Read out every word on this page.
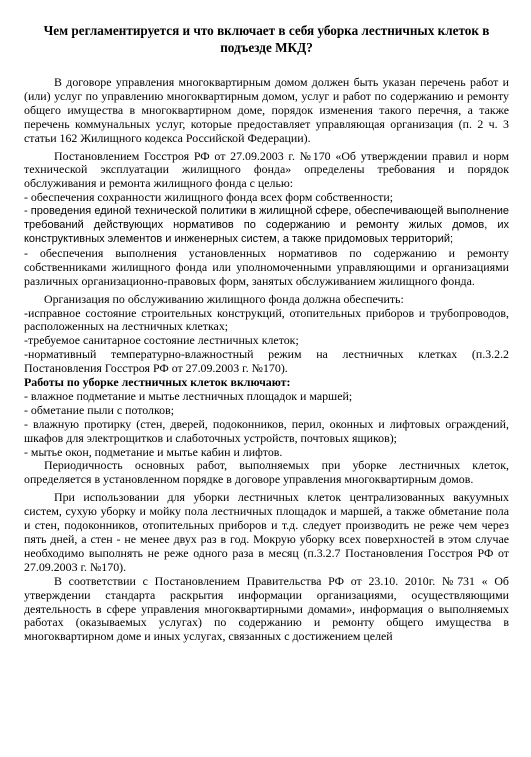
Чем регламентируется и что включает в себя уборка лестничных клеток в подъезде МКД?

В договоре управления многоквартирным домом должен быть указан перечень работ и (или) услуг по управлению многоквартирным домом, услуг и работ по содержанию и ремонту общего имущества в многоквартирном доме, порядок изменения такого перечня, а также перечень коммунальных услуг, которые предоставляет управляющая организация (п. 2 ч. 3 статьи 162 Жилищного кодекса Российской Федерации).

Постановлением Госстроя РФ от 27.09.2003 г. №170 «Об утверждении правил и норм технической эксплуатации жилищного фонда» определены требования и порядок обслуживания и ремонта жилищного фонда с целью:

- обеспечения сохранности жилищного фонда всех форм собственности;

- проведения единой технической политики в жилищной сфере, обеспечивающей выполнение требований действующих нормативов по содержанию и ремонту жилых домов, их конструктивных элементов и инженерных систем, а также придомовых территорий;

- обеспечения выполнения установленных нормативов по содержанию и ремонту собственниками жилищного фонда или уполномоченными управляющими и организациями различных организационно-правовых форм, занятых обслуживанием жилищного фонда.

Организация по обслуживанию жилищного фонда должна обеспечить:

-исправное состояние строительных конструкций, отопительных приборов и трубопроводов, расположенных на лестничных клетках;

-требуемое санитарное состояние лестничных клеток;

-нормативный температурно-влажностный режим на лестничных клетках (п.3.2.2 Постановления Госстроя РФ от 27.09.2003 г. №170).

Работы по уборке лестничных клеток включают:

- влажное подметание и мытье лестничных площадок и маршей;

- обметание пыли с потолков;

- влажную протирку (стен, дверей, подоконников, перил, оконных и лифтовых ограждений, шкафов для электрощитков и слаботочных устройств, почтовых ящиков);

- мытье окон, подметание и мытье кабин и лифтов.

Периодичность основных работ, выполняемых при уборке лестничных клеток, определяется в установленном порядке в договоре управления многоквартирным домов.

При использовании для уборки лестничных клеток централизованных вакуумных систем, сухую уборку и мойку пола лестничных площадок и маршей, а также обметание пола и стен, подоконников, отопительных приборов и т.д. следует производить не реже чем через пять дней, а стен - не менее двух раз в год. Мокрую уборку всех поверхностей в этом случае необходимо выполнять не реже одного раза в месяц (п.3.2.7 Постановления Госстроя РФ от 27.09.2003 г. №170).

В соответствии с Постановлением Правительства РФ от 23.10. 2010г. №731 « Об утверждении стандарта раскрытия информации организациями, осуществляющими деятельность в сфере управления многоквартирными домами», информация о выполняемых работах (оказываемых услугах) по содержанию и ремонту общего имущества в многоквартирном доме и иных услугах, связанных с достижением целей
